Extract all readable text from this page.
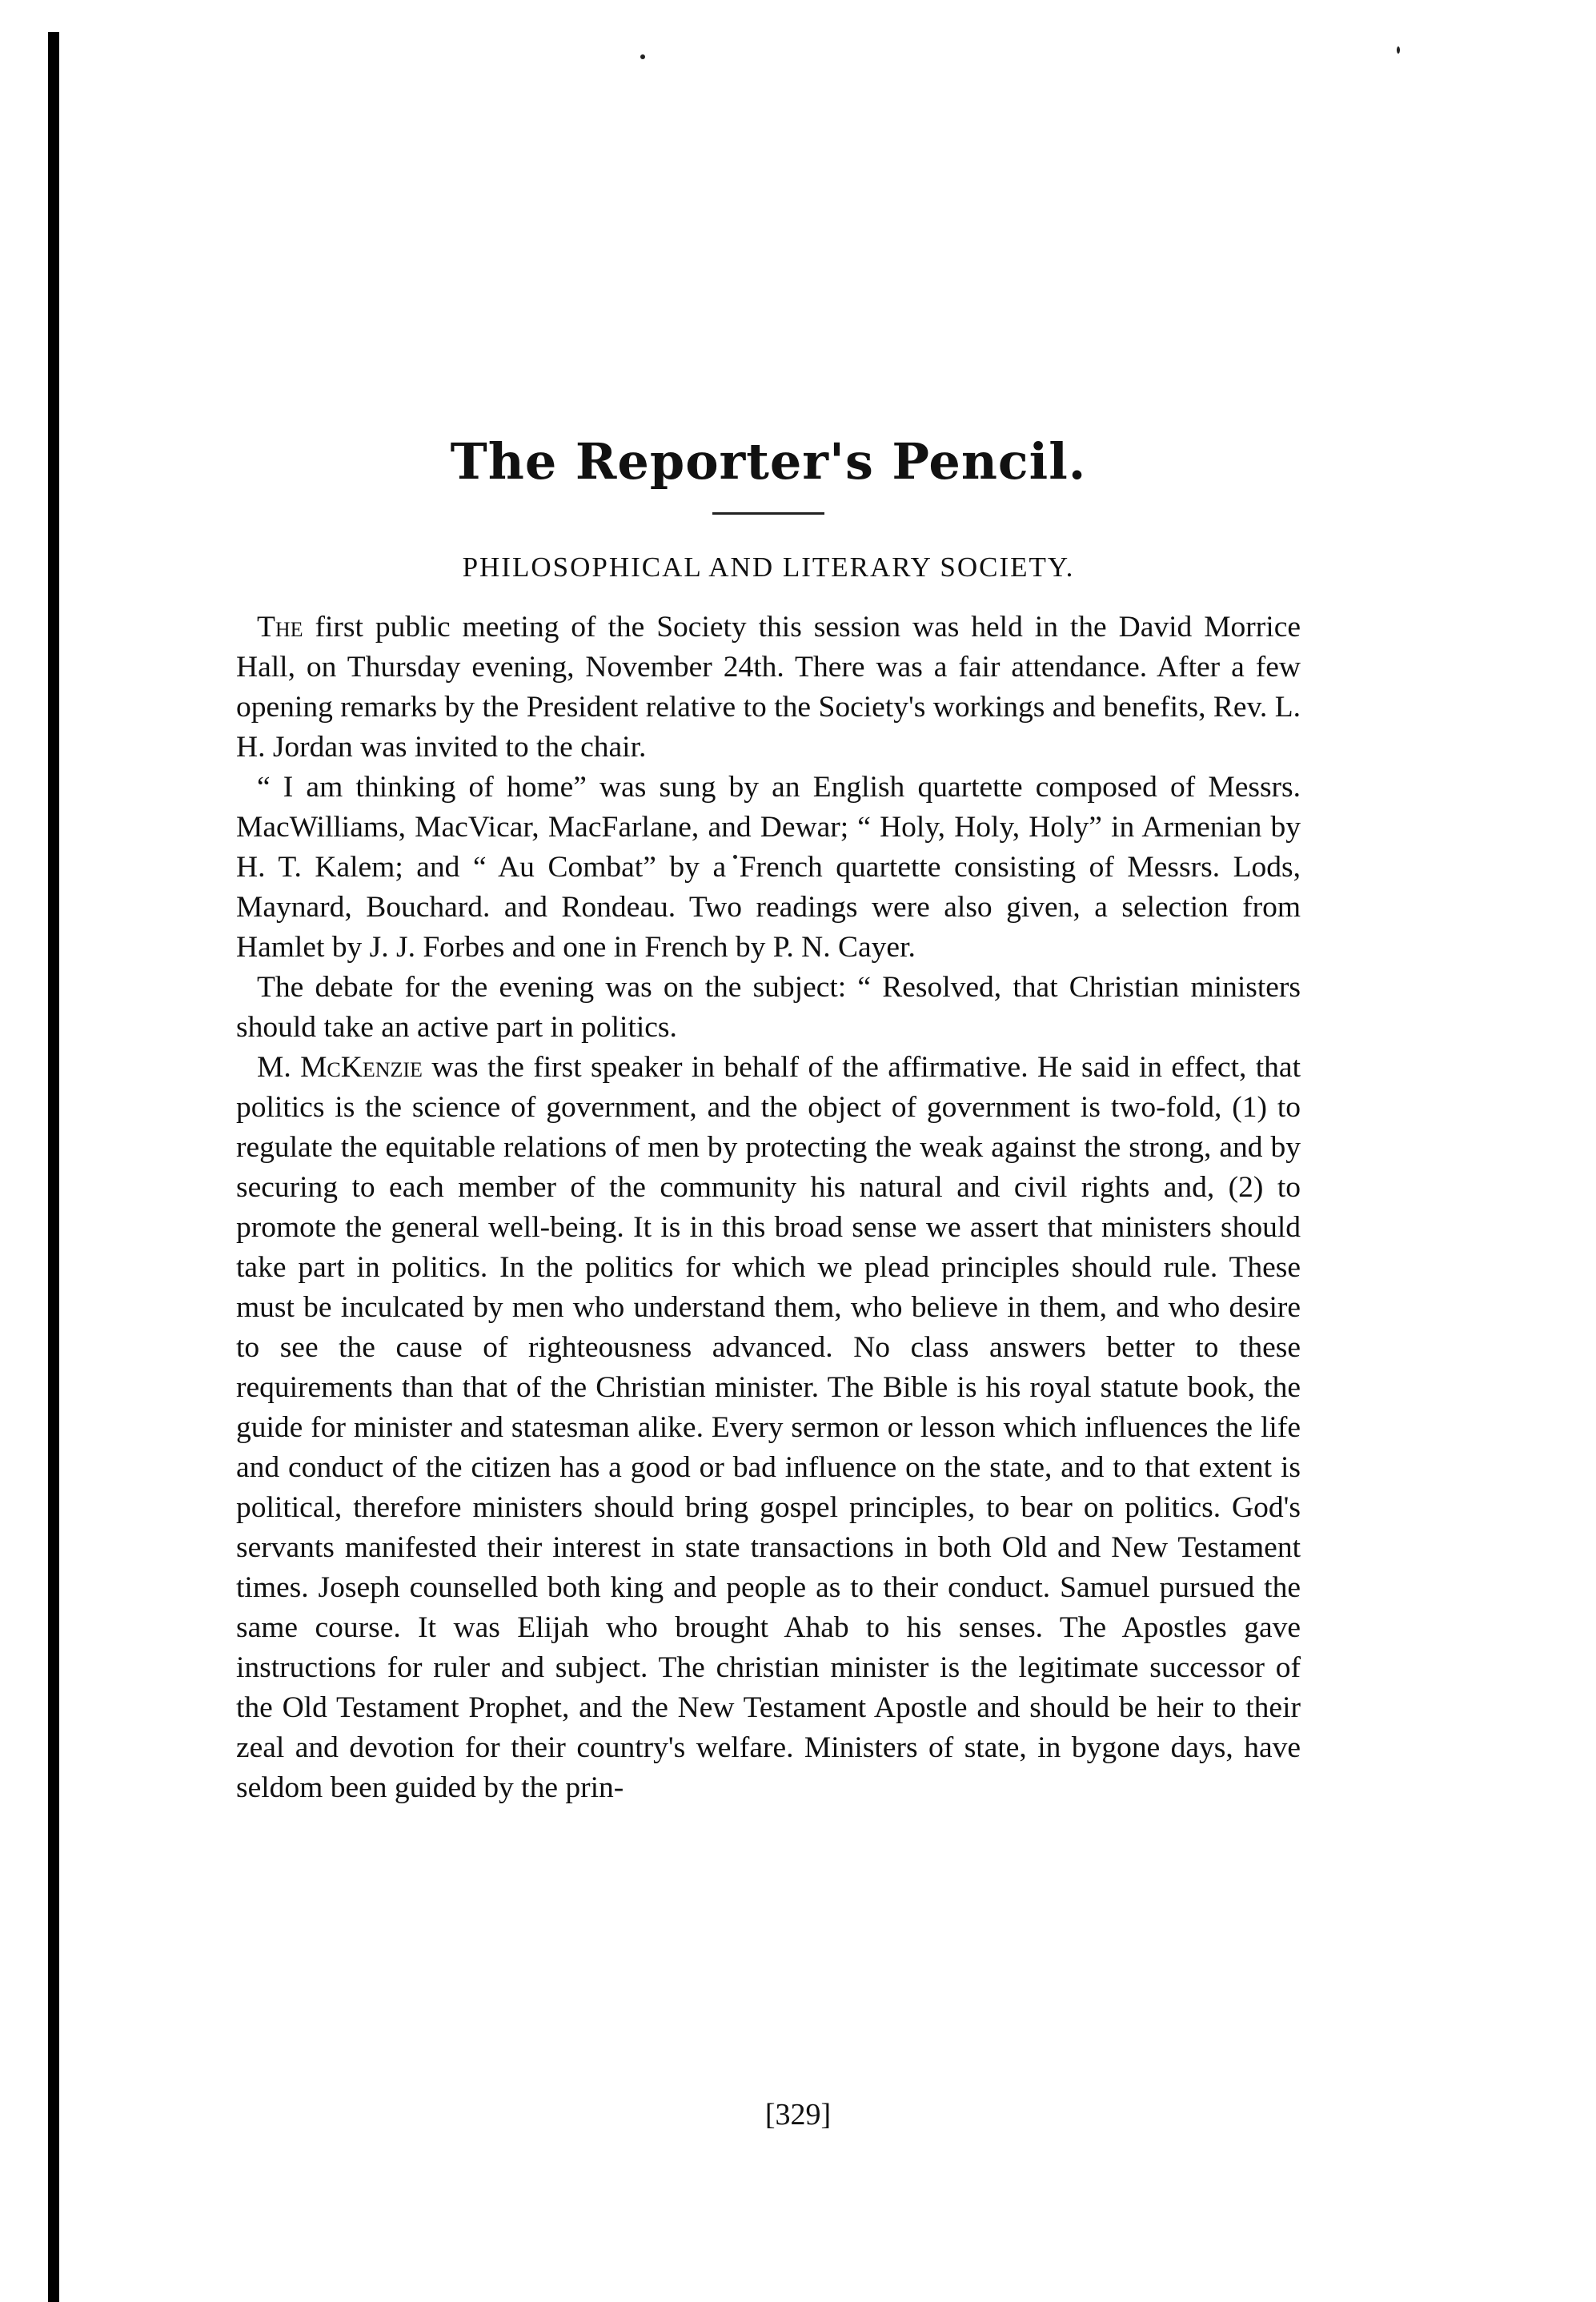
The Reporter's Pencil.
PHILOSOPHICAL AND LITERARY SOCIETY.

The first public meeting of the Society this session was held in the David Morrice Hall, on Thursday evening, November 24th. There was a fair attendance. After a few opening remarks by the President relative to the Society's workings and benefits, Rev. L. H. Jordan was invited to the chair.

“ I am thinking of home” was sung by an English quartette composed of Messrs. MacWilliams, MacVicar, MacFarlane, and Dewar; “ Holy, Holy, Holy” in Armenian by H. T. Kalem; and “ Au Combat” by a French quartette consisting of Messrs. Lods, Maynard, Bouchard. and Rondeau. Two readings were also given, a selection from Hamlet by J. J. Forbes and one in French by P. N. Cayer.

The debate for the evening was on the subject: “ Resolved, that Christian ministers should take an active part in politics.

M. McKenzie was the first speaker in behalf of the affirmative. He said in effect, that politics is the science of government, and the object of government is two-fold, (1) to regulate the equitable relations of men by protecting the weak against the strong, and by securing to each member of the community his natural and civil rights and, (2) to promote the general well-being. It is in this broad sense we assert that ministers should take part in politics. In the politics for which we plead principles should rule. These must be inculcated by men who understand them, who believe in them, and who desire to see the cause of righteousness advanced. No class answers better to these requirements than that of the Christian minister. The Bible is his royal statute book, the guide for minister and statesman alike. Every sermon or lesson which influences the life and conduct of the citizen has a good or bad influence on the state, and to that extent is political, therefore ministers should bring gospel principles, to bear on politics. God's servants manifested their interest in state transactions in both Old and New Testament times. Joseph counselled both king and people as to their conduct. Samuel pursued the same course. It was Elijah who brought Ahab to his senses. The Apostles gave instructions for ruler and subject. The christian minister is the legitimate successor of the Old Testament Prophet, and the New Testament Apostle and should be heir to their zeal and devotion for their country's welfare. Ministers of state, in bygone days, have seldom been guided by the prin-

[329]
